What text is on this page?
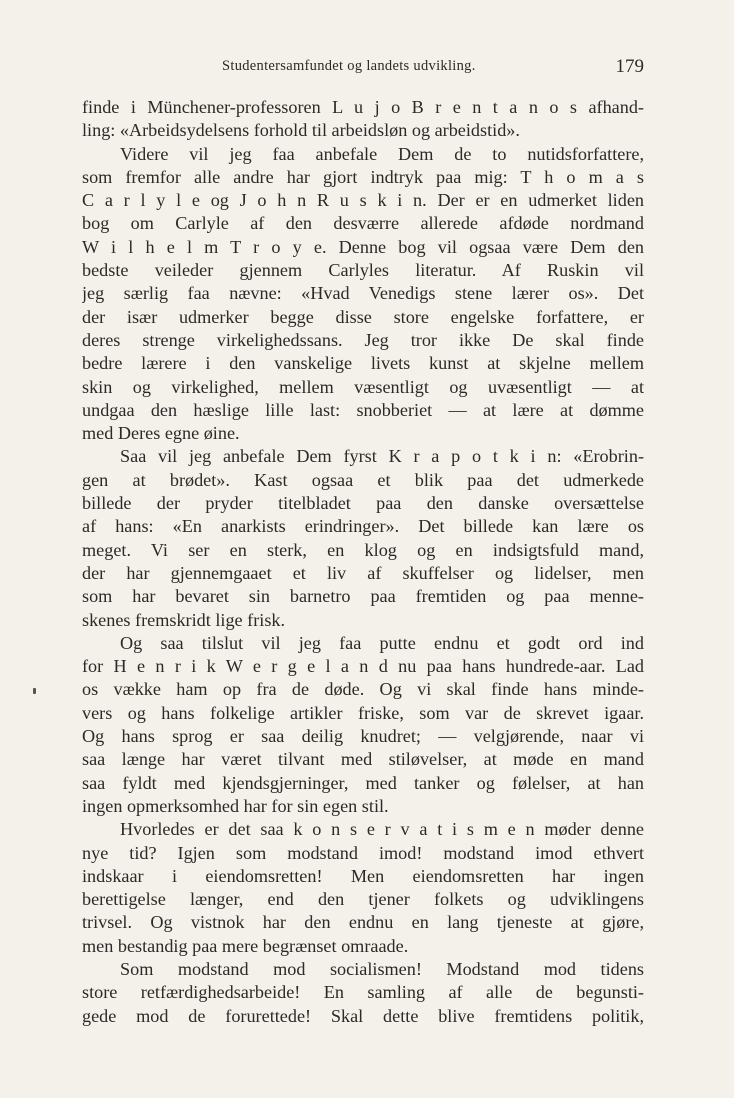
Studentersamfundet og landets udvikling.	179
finde i Münchener-professoren L u j o B r e n t a n o s afhand-
ling: «Arbeidsydelsens forhold til arbeidsløn og arbeidstid».
Videre vil jeg faa anbefale Dem de to nutidsforfattere,
som fremfor alle andre har gjort indtryk paa mig: T h o m a s
C a r l y l e og J o h n R u s k i n. Der er en udmerket liden
bog om Carlyle af den desværre allerede afdøde nordmand
W i l h e l m T r o y e. Denne bog vil ogsaa være Dem den
bedste veileder gjennem Carlyles literatur. Af Ruskin vil
jeg særlig faa nævne: «Hvad Venedigs stene lærer os». Det
der især udmerker begge disse store engelske forfattere, er
deres strenge virkelighedssans. Jeg tror ikke De skal finde
bedre lærere i den vanskelige livets kunst at skjelne mellem
skin og virkelighed, mellem væsentligt og uvæsentligt — at
undgaa den hæslige lille last: snobberiet — at lære at dømme
med Deres egne øine.
Saa vil jeg anbefale Dem fyrst K r a p o t k i n: «Erobrin-
gen at brødet». Kast ogsaa et blik paa det udmerkede
billede der pryder titelbladet paa den danske oversættelse
af hans: «En anarkists erindringer». Det billede kan lære os
meget. Vi ser en sterk, en klog og en indsigtsfuld mand,
der har gjennemgaaet et liv af skuffelser og lidelser, men
som har bevaret sin barnetro paa fremtiden og paa menne-
skenes fremskridt lige frisk.
Og saa tilslut vil jeg faa putte endnu et godt ord ind
for H e n r i k W e r g e l a n d nu paa hans hundrede-aar. Lad
os vække ham op fra de døde. Og vi skal finde hans minde-
vers og hans folkelige artikler friske, som var de skrevet igaar.
Og hans sprog er saa deilig knudret; — velgjørende, naar vi
saa længe har været tilvant med stiløvelser, at møde en mand
saa fyldt med kjendsgjerninger, med tanker og følelser, at han
ingen opmerksomhed har for sin egen stil.
Hvorledes er det saa k o n s e r v a t i s m e n møder denne
nye tid? Igjen som modstand imod! modstand imod ethvert
indskaar i eiendomsretten! Men eiendomsretten har ingen
berettigelse længer, end den tjener folkets og udviklingens
trivsel. Og vistnok har den endnu en lang tjeneste at gjøre,
men bestandig paa mere begrænset omraade.
Som modstand mod socialismen! Modstand mod tidens
store retfærdighedsarbeide! En samling af alle de begunsti-
gede mod de forurettede! Skal dette blive fremtidens politik,
